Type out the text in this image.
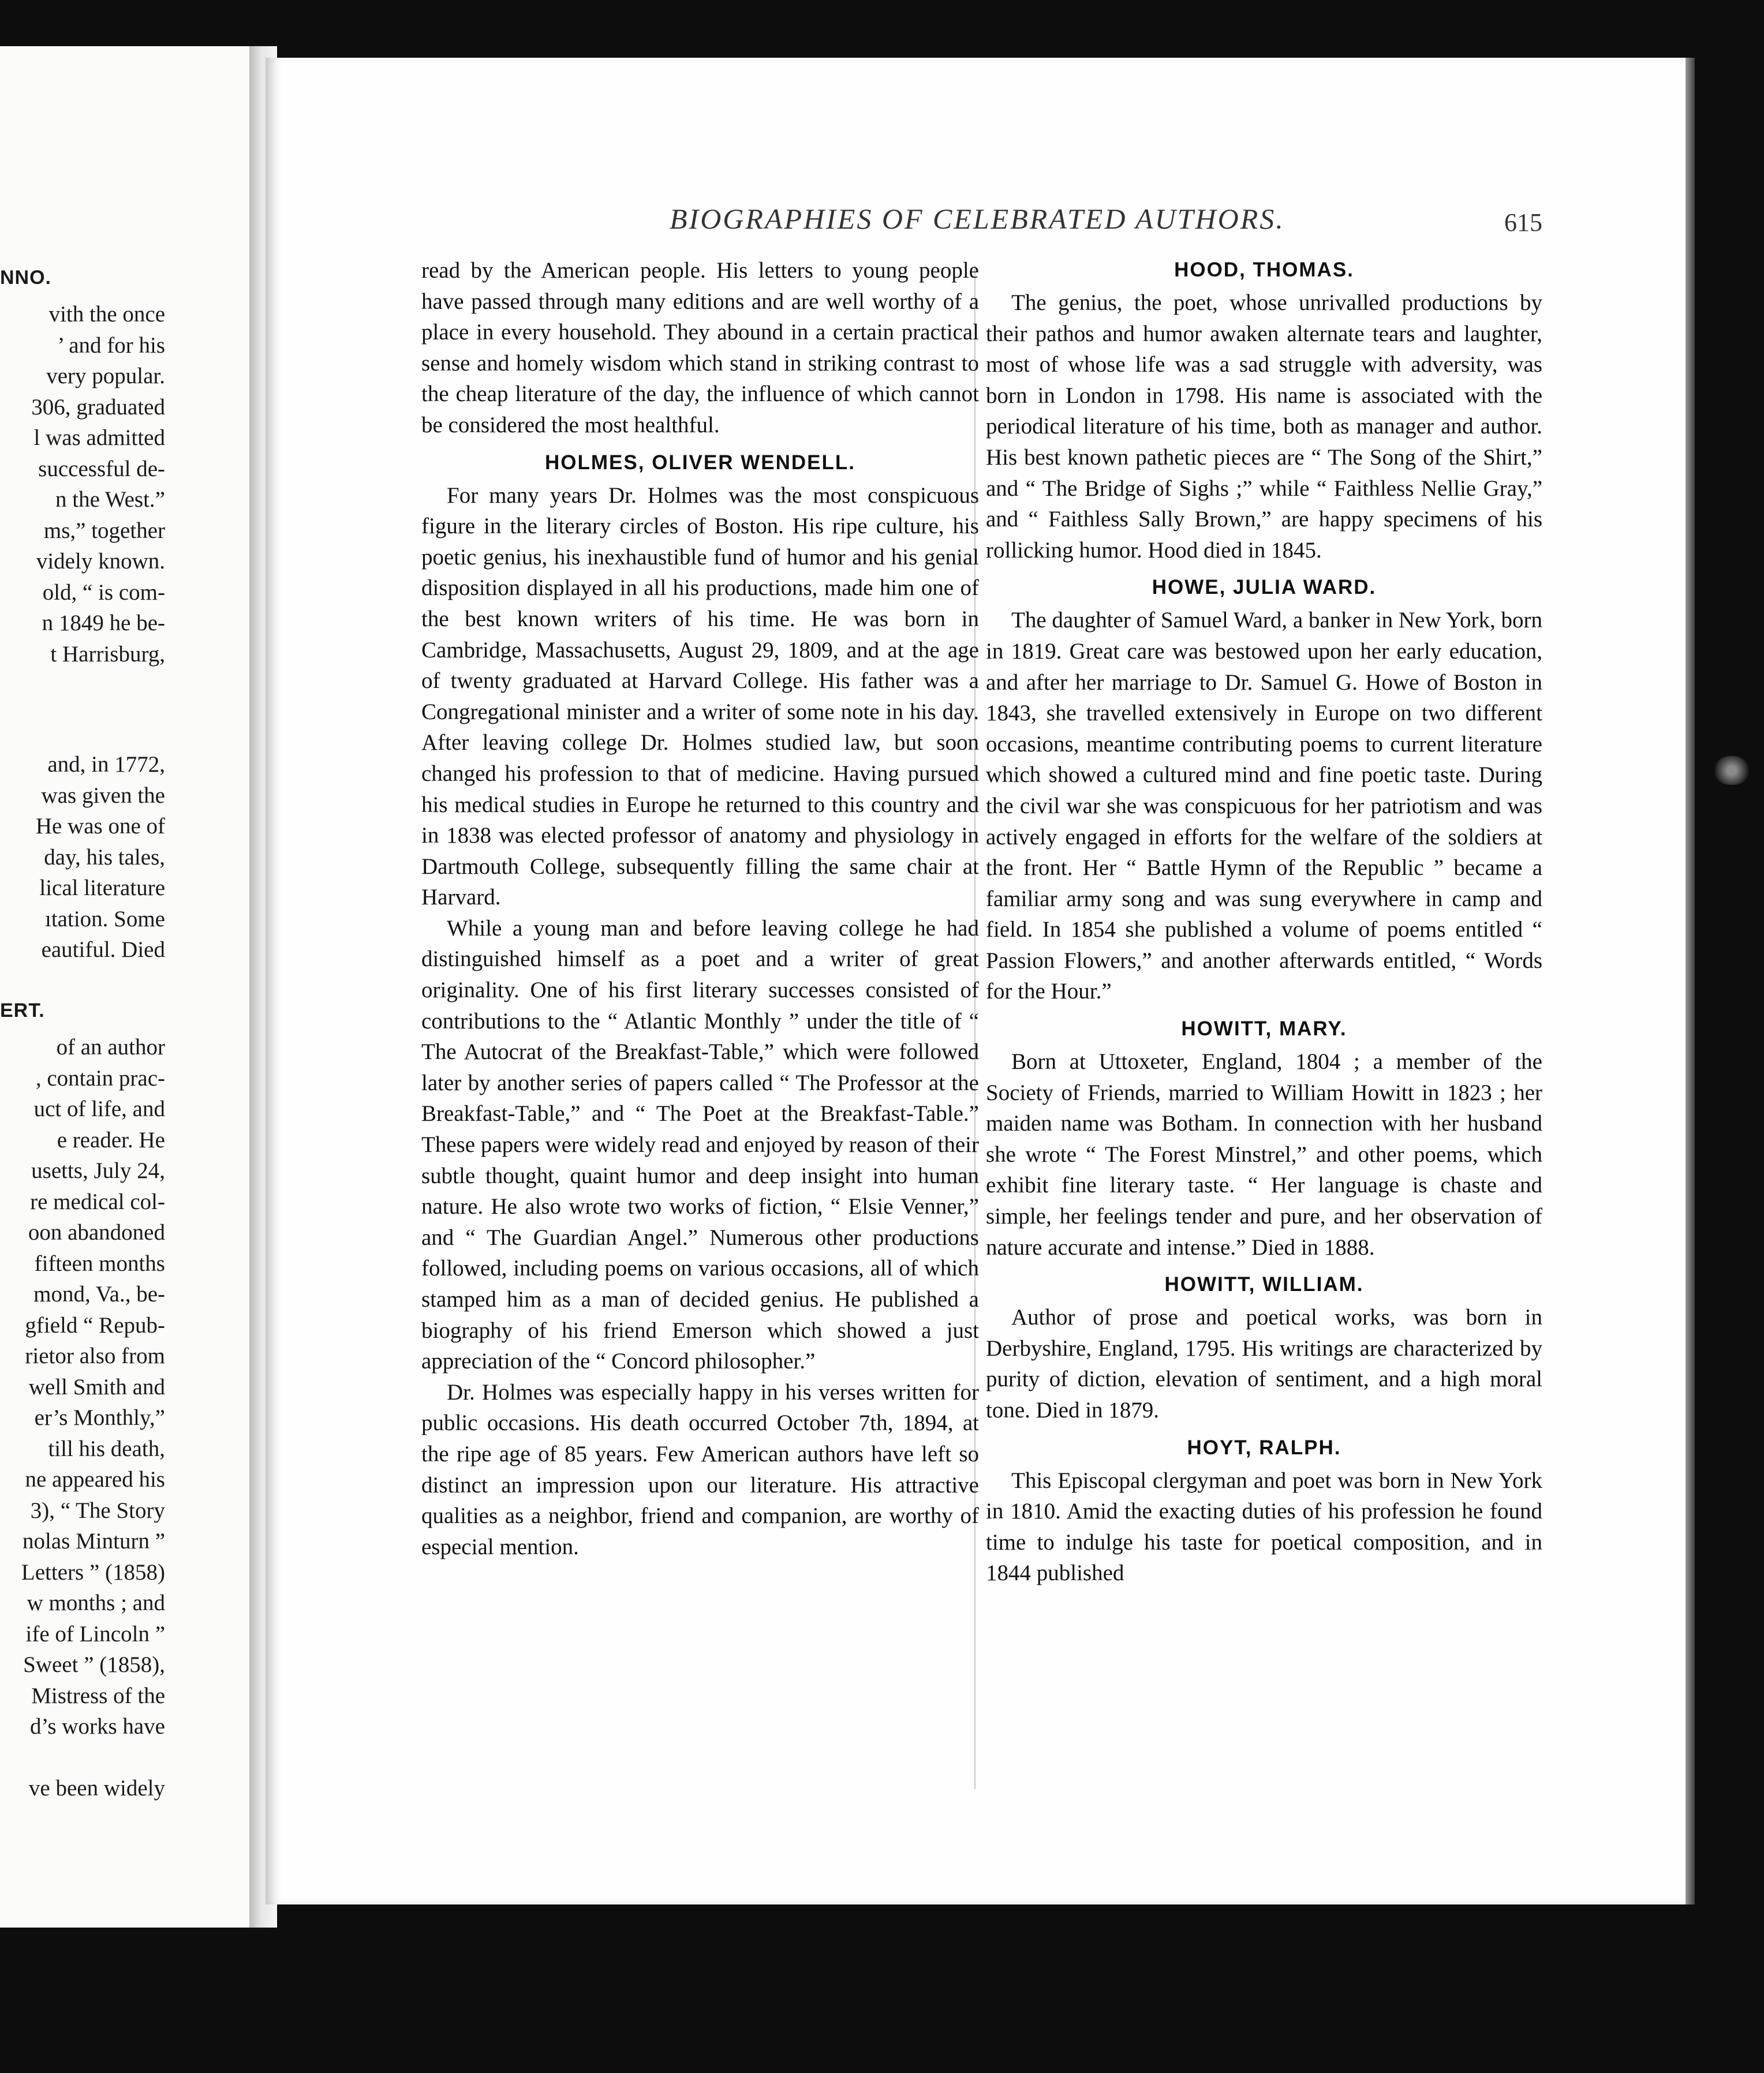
NNO.
vith the once
’ and for his
very popular.
306, graduated
l was admitted
successful de-
n the West.”
ms,” together
videly known.
old, “ is com-
n 1849 he be-
t Harrisburg,
and, in 1772,
was given the
He was one of
day, his tales,
lical literature
ıtation. Some
eautiful. Died
ERT.
of an author
, contain prac-
uct of life, and
e reader. He
usetts, July 24,
re medical col-
oon abandoned
fifteen months
mond, Va., be-
gfield “ Repub-
rietor also from
well Smith and
er’s Monthly,”
till his death,
ne appeared his
3), “ The Story
nolas Minturn ”
Letters ” (1858)
w months ; and
ife of Lincoln ”
Sweet ” (1858),
Mistress of the
d’s works have
ve been widely
BIOGRAPHIES OF CELEBRATED AUTHORS.	615

read by the American people. His letters to young people have passed through many editions and are well worthy of a place in every household. They abound in a certain practical sense and homely wisdom which stand in striking contrast to the cheap literature of the day, the influence of which cannot be considered the most healthful.

HOLMES, OLIVER WENDELL.

For many years Dr. Holmes was the most conspicuous figure in the literary circles of Boston. His ripe culture, his poetic genius, his inexhaustible fund of humor and his genial disposition displayed in all his productions, made him one of the best known writers of his time. He was born in Cambridge, Massachusetts, August 29, 1809, and at the age of twenty graduated at Harvard College. His father was a Congregational minister and a writer of some note in his day. After leaving college Dr. Holmes studied law, but soon changed his profession to that of medicine. Having pursued his medical studies in Europe he returned to this country and in 1838 was elected professor of anatomy and physiology in Dartmouth College, subsequently filling the same chair at Harvard.

While a young man and before leaving college he had distinguished himself as a poet and a writer of great originality. One of his first literary successes consisted of contributions to the “ Atlantic Monthly ” under the title of “ The Autocrat of the Breakfast-Table,” which were followed later by another series of papers called “ The Professor at the Breakfast-Table,” and “ The Poet at the Breakfast-Table.” These papers were widely read and enjoyed by reason of their subtle thought, quaint humor and deep insight into human nature. He also wrote two works of fiction, “ Elsie Venner,” and “ The Guardian Angel.” Numerous other productions followed, including poems on various occasions, all of which stamped him as a man of decided genius. He published a biography of his friend Emerson which showed a just appreciation of the “ Concord philosopher.”

Dr. Holmes was especially happy in his verses written for public occasions. His death occurred October 7th, 1894, at the ripe age of 85 years. Few American authors have left so distinct an impression upon our literature. His attractive qualities as a neighbor, friend and companion, are worthy of especial mention.

HOOD, THOMAS.

The genius, the poet, whose unrivalled productions by their pathos and humor awaken alternate tears and laughter, most of whose life was a sad struggle with adversity, was born in London in 1798. His name is associated with the periodical literature of his time, both as manager and author. His best known pathetic pieces are “ The Song of the Shirt,” and “ The Bridge of Sighs ;” while “ Faithless Nellie Gray,” and “ Faithless Sally Brown,” are happy specimens of his rollicking humor. Hood died in 1845.

HOWE, JULIA WARD.

The daughter of Samuel Ward, a banker in New York, born in 1819. Great care was bestowed upon her early education, and after her marriage to Dr. Samuel G. Howe of Boston in 1843, she travelled extensively in Europe on two different occasions, meantime contributing poems to current literature which showed a cultured mind and fine poetic taste. During the civil war she was conspicuous for her patriotism and was actively engaged in efforts for the welfare of the soldiers at the front. Her “ Battle Hymn of the Republic ” became a familiar army song and was sung everywhere in camp and field. In 1854 she published a volume of poems entitled “ Passion Flowers,” and another afterwards entitled, “ Words for the Hour.”

HOWITT, MARY.

Born at Uttoxeter, England, 1804 ; a member of the Society of Friends, married to William Howitt in 1823 ; her maiden name was Botham. In connection with her husband she wrote “ The Forest Minstrel,” and other poems, which exhibit fine literary taste. “ Her language is chaste and simple, her feelings tender and pure, and her observation of nature accurate and intense.” Died in 1888.

HOWITT, WILLIAM.

Author of prose and poetical works, was born in Derbyshire, England, 1795. His writings are characterized by purity of diction, elevation of sentiment, and a high moral tone. Died in 1879.

HOYT, RALPH.

This Episcopal clergyman and poet was born in New York in 1810. Amid the exacting duties of his profession he found time to indulge his taste for poetical composition, and in 1844 published
